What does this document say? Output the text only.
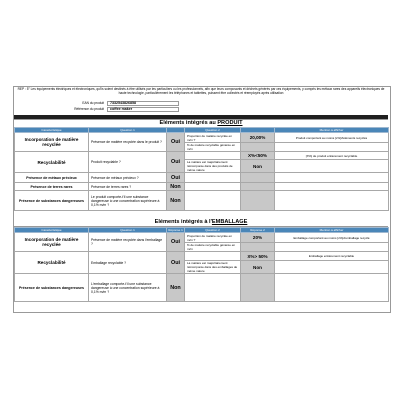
REP : 5° Les équipements électriques et électroniques, qu'ils soient destinés à être utilisés par les particuliers ou les professionnels, afin que leurs composants et déchets générés par ces équipements, y compris les métaux rares des appareils électroniques de haute technologie, particulièrement les téléphones et tablettes, puissent être collectés et réemployés après utilisation
EAN du produit	7332543826858
Référence du produit	coffee maker
Eléments intégrés au PRODUIT
Caractéristique	Question 1		Question 2		Mention à afficher
Incorporation de matière recyclée	Présence de matière recyclée dans le produit ?	Oui	Proportion de matière recyclée en m/m ?	20,00%	Produit comportant au moins [x%]d'éléments recyclés
			% de matière recyclable générée en m/m		
Recyclabilité	Produit recyclable ?	Oui		X%<50%	[X%] de produit entièrement recyclable
			La matière est majoritairement réincorporée dans des produits de même nature	Non	
Présence de métaux précieux	Présence de métaux précieux ?	Oui			
Présence de terres rares	Présence de terres rares ?	Non			
Présence de substances dangereuses	Le produit comporte-t'il une substance dangereuse à une concentration supérieure à 0,1% m/m ?	Non			
Eléments intégrés à l'EMBALLAGE
Caractéristique	Question 1	Réponse 1	Question 2	Réponse 2	Mention à afficher
Incorporation de matière recyclée	Présence de matière recyclée dans l'emballage ?	Oui	Proportion de matière recyclée en m/m ?	20%	Emballage comportant au moins [x%]d'emballage recyclé
			% de matière recyclable générée en m/m		
Recyclabilité	Emballage recyclable ?	Oui		X%> 50%	Emballage entièrement recyclable
			La matière est majoritairement réincorporée dans des emballages de même nature	Non	
Présence de substances dangereuses	L'emballage comporte-t'il une substance dangereuse à une concentration supérieure à 0,1% m/m ?	Non			
